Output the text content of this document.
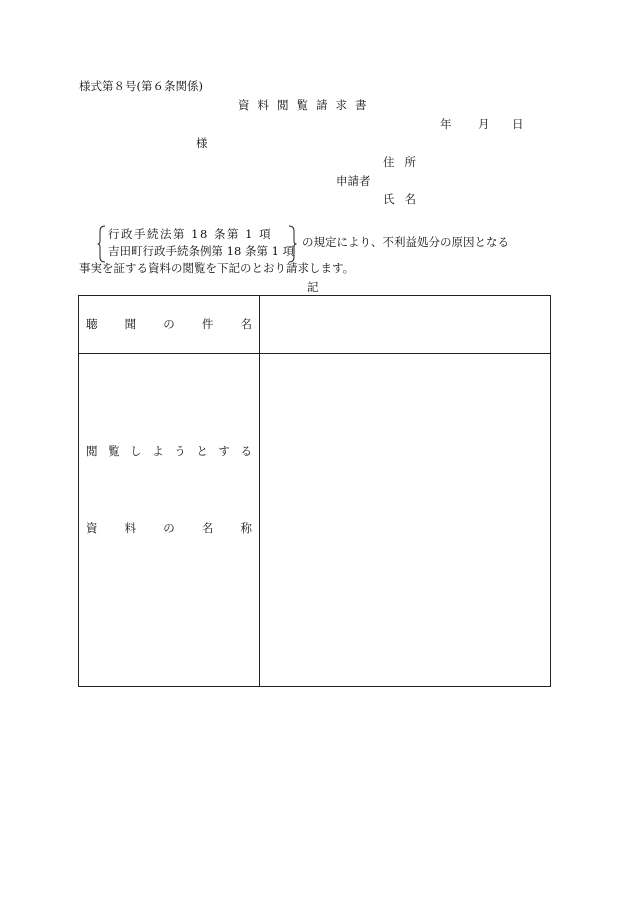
様式第８号(第６条関係)
資料閲覧請求書
年 月 日
様
住所
申請者
氏名
行政手続法第 18 条第 1 項
吉田町行政手続条例第 18 条第 1 項
の規定により、不利益処分の原因となる
事実を証する資料の閲覧を下記のとおり請求します。
記
聴 聞 の 件 名
閲 覧 し よ う と す る
資 料 の 名 称
